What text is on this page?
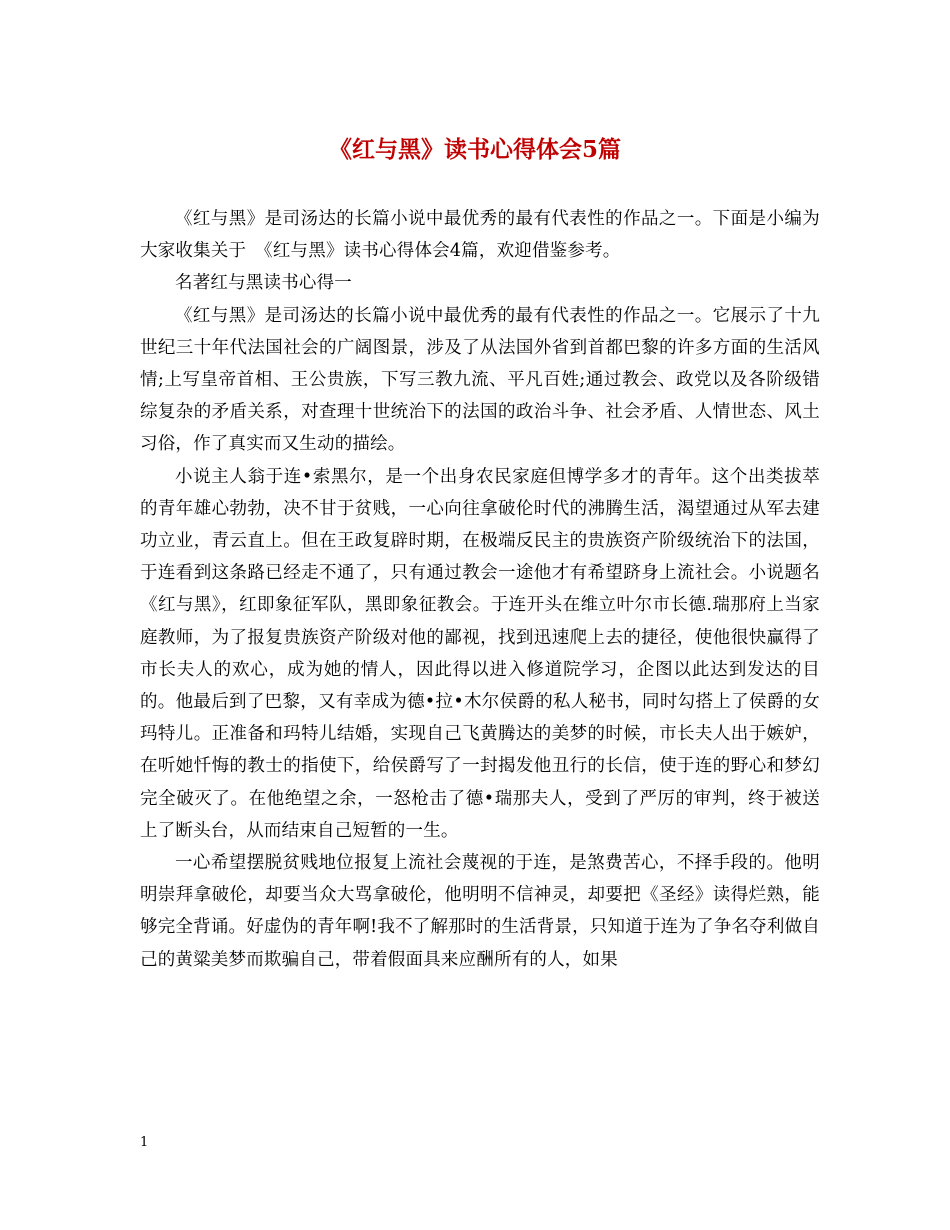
《红与黑》读书心得体会5篇

《红与黑》是司汤达的长篇小说中最优秀的最有代表性的作品之一。下面是小编为大家收集关于　《红与黑》读书心得体会4篇，欢迎借鉴参考。

名著红与黑读书心得一

《红与黑》是司汤达的长篇小说中最优秀的最有代表性的作品之一。它展示了十九世纪三十年代法国社会的广阔图景，涉及了从法国外省到首都巴黎的许多方面的生活风情;上写皇帝首相、王公贵族，下写三教九流、平凡百姓;通过教会、政党以及各阶级错综复杂的矛盾关系，对查理十世统治下的法国的政治斗争、社会矛盾、人情世态、风土习俗，作了真实而又生动的描绘。

小说主人翁于连•索黑尔，是一个出身农民家庭但博学多才的青年。这个出类拔萃的青年雄心勃勃，决不甘于贫贱，一心向往拿破伦时代的沸腾生活，渴望通过从军去建功立业，青云直上。但在王政复辟时期，在极端反民主的贵族资产阶级统治下的法国，于连看到这条路已经走不通了，只有通过教会一途他才有希望跻身上流社会。小说题名《红与黑》，红即象征军队，黑即象征教会。于连开头在维立叶尔市长德.瑞那府上当家庭教师，为了报复贵族资产阶级对他的鄙视，找到迅速爬上去的捷径，使他很快赢得了市长夫人的欢心，成为她的情人，因此得以进入修道院学习，企图以此达到发达的目的。他最后到了巴黎，又有幸成为德•拉•木尔侯爵的私人秘书，同时勾搭上了侯爵的女玛特儿。正准备和玛特儿结婚，实现自己飞黄腾达的美梦的时候，市长夫人出于嫉妒，在听她忏悔的教士的指使下，给侯爵写了一封揭发他丑行的长信，使于连的野心和梦幻完全破灭了。在他绝望之余，一怒枪击了德•瑞那夫人，受到了严厉的审判，终于被送上了断头台，从而结束自己短暂的一生。

一心希望摆脱贫贱地位报复上流社会蔑视的于连，是煞费苦心，不择手段的。他明明崇拜拿破伦，却要当众大骂拿破伦，他明明不信神灵，却要把《圣经》读得烂熟，能够完全背诵。好虚伪的青年啊!我不了解那时的生活背景，只知道于连为了争名夺利做自己的黄粱美梦而欺骗自己，带着假面具来应酬所有的人，如果

1
